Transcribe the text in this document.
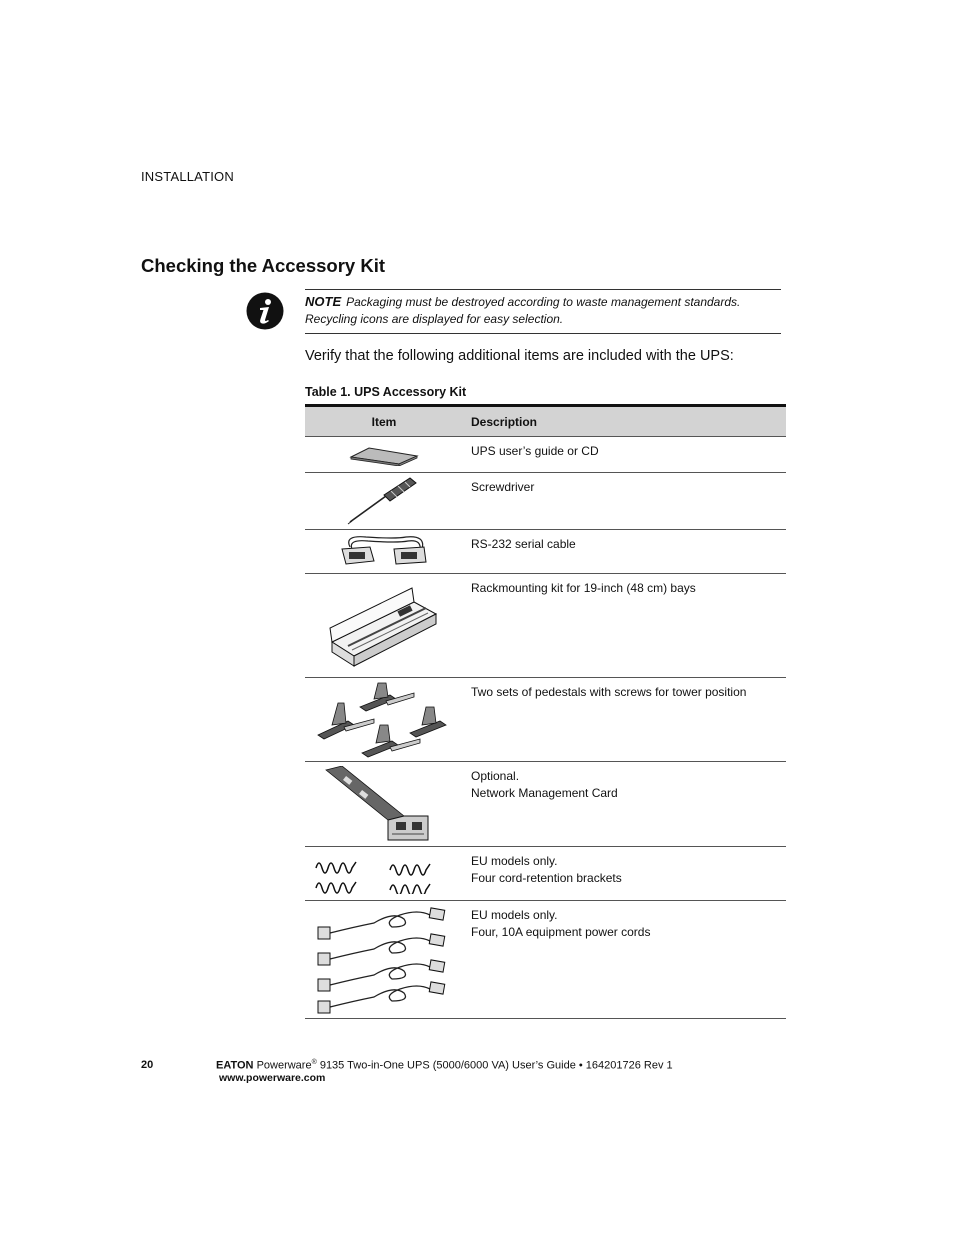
INSTALLATION
Checking the Accessory Kit
NOTE Packaging must be destroyed according to waste management standards. Recycling icons are displayed for easy selection.
Verify that the following additional items are included with the UPS:
Table 1. UPS Accessory Kit
Item	Description
UPS user’s guide or CD
Screwdriver
RS-232 serial cable
Rackmounting kit for 19-inch (48 cm) bays
Two sets of pedestals with screws for tower position
Optional.
Network Management Card
EU models only.
Four cord-retention brackets
EU models only.
Four, 10A equipment power cords
20	EATON Powerware® 9135 Two-in-One UPS (5000/6000 VA) User’s Guide • 164201726 Rev 1
www.powerware.com
